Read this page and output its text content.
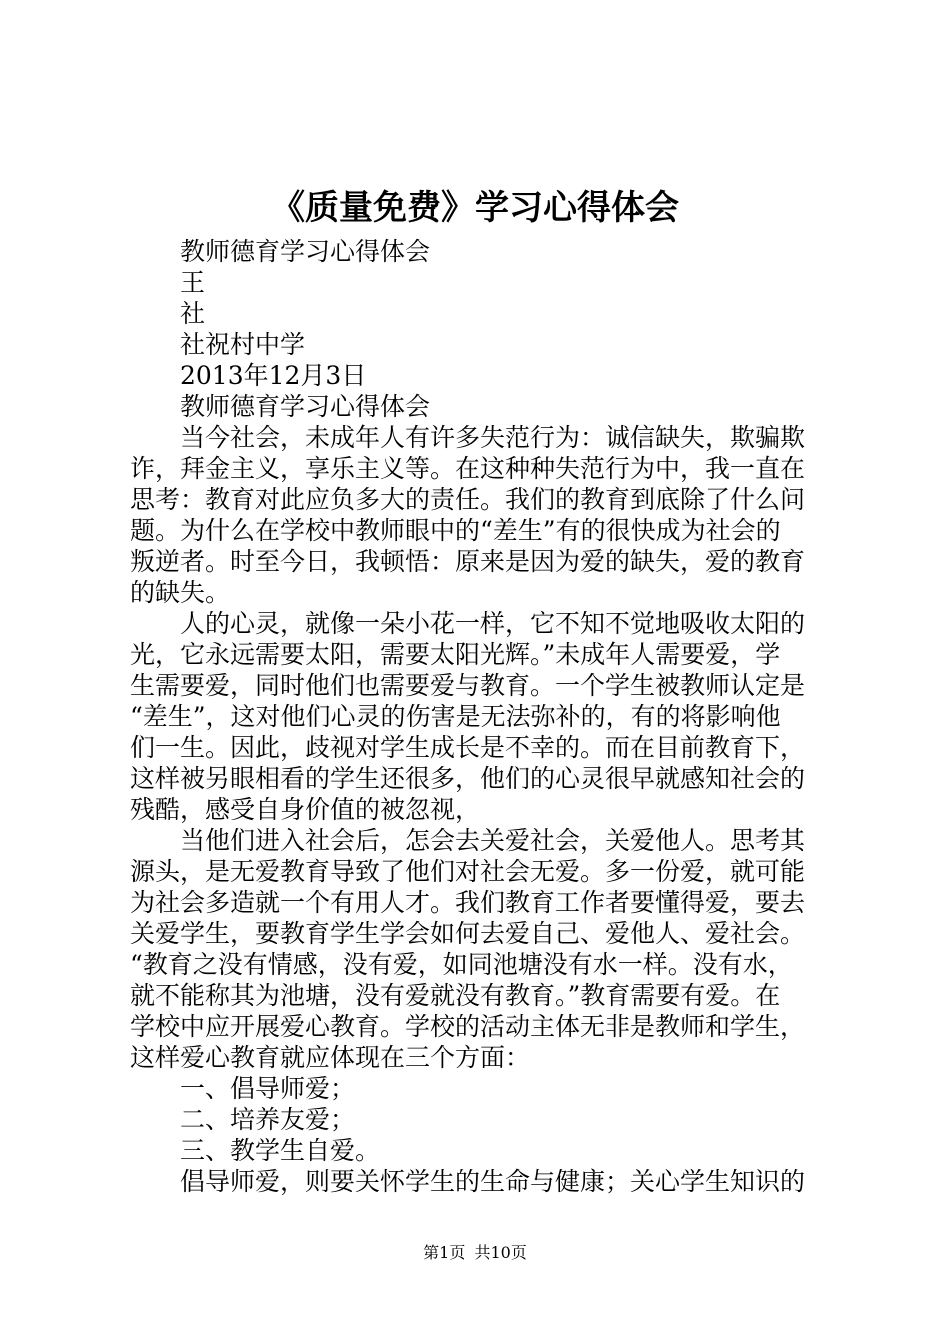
《质量免费》学习心得体会

教师德育学习心得体会

王

社

社祝村中学

2013年12月3日

教师德育学习心得体会

当今社会，未成年人有许多失范行为：诚信缺失，欺骗欺

诈，拜金主义，享乐主义等。在这种种失范行为中，我一直在

思考：教育对此应负多大的责任。我们的教育到底除了什么问

题。为什么在学校中教师眼中的“差生”有的很快成为社会的

叛逆者。时至今日，我顿悟：原来是因为爱的缺失，爱的教育

的缺失。

人的心灵，就像一朵小花一样，它不知不觉地吸收太阳的

光，它永远需要太阳，需要太阳光辉。”未成年人需要爱，学

生需要爱，同时他们也需要爱与教育。一个学生被教师认定是

“差生”，这对他们心灵的伤害是无法弥补的，有的将影响他

们一生。因此，歧视对学生成长是不幸的。而在目前教育下，

这样被另眼相看的学生还很多，他们的心灵很早就感知社会的

残酷，感受自身价值的被忽视，

当他们进入社会后，怎会去关爱社会，关爱他人。思考其

源头，是无爱教育导致了他们对社会无爱。多一份爱，就可能

为社会多造就一个有用人才。我们教育工作者要懂得爱，要去

关爱学生，要教育学生学会如何去爱自己、爱他人、爱社会。

“教育之没有情感，没有爱，如同池塘没有水一样。没有水，

就不能称其为池塘，没有爱就没有教育。”教育需要有爱。在

学校中应开展爱心教育。学校的活动主体无非是教师和学生，

这样爱心教育就应体现在三个方面：

一、倡导师爱；

二、培养友爱；

三、教学生自爱。

倡导师爱，则要关怀学生的生命与健康；关心学生知识的

第1页 共10页
